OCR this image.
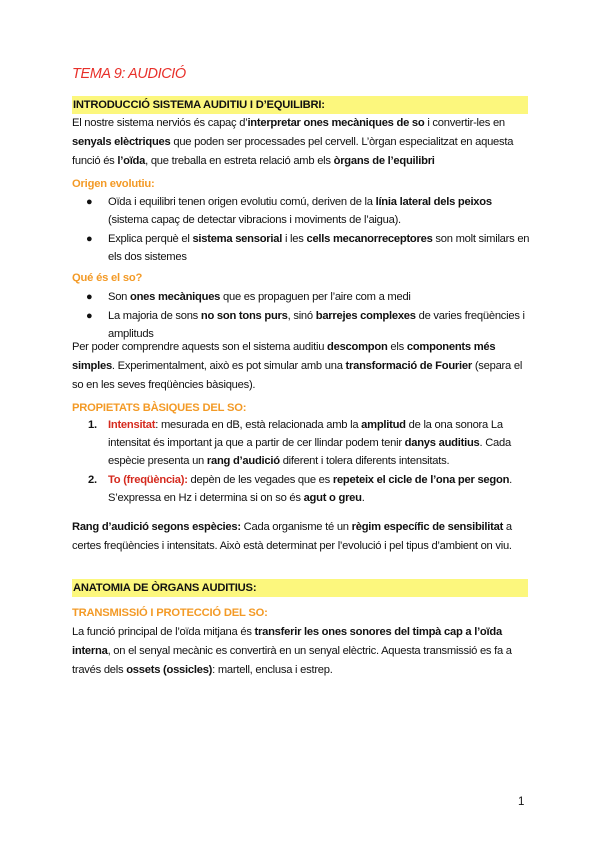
TEMA 9: AUDICIÓ
INTRODUCCIÓ SISTEMA AUDITIU I D’EQUILIBRI:
El nostre sistema nerviós és capaç d’interpretar ones mecàniques de so i convertir-les en senyals elèctriques que poden ser processades pel cervell. L’òrgan especialitzat en aquesta funció és l’oïda, que treballa en estreta relació amb els òrgans de l’equilibri
Origen evolutiu:
● Oïda i equilibri tenen origen evolutiu comú, deriven de la línia lateral dels peixos (sistema capaç de detectar vibracions i moviments de l’aigua).
● Explica perquè el sistema sensorial i les cells mecanorreceptores son molt similars en els dos sistemes
Qué és el so?
● Son ones mecàniques que es propaguen per l’aire com a medi
● La majoria de sons no son tons purs, sinó barrejes complexes de varies freqüències i amplituds
Per poder comprendre aquests son el sistema auditiu descompon els components més simples. Experimentalment, això es pot simular amb una transformació de Fourier (separa el so en les seves freqüències bàsiques).
PROPIETATS BÀSIQUES DEL SO:
1. Intensitat: mesurada en dB, està relacionada amb la amplitud de la ona sonora La intensitat és important ja que a partir de cer llindar podem tenir danys auditius. Cada espècie presenta un rang d’audició diferent i tolera diferents intensitats.
2. To (freqüència): depèn de les vegades que es repeteix el cicle de l’ona per segon. S’expressa en Hz i determina si on so és agut o greu.
Rang d’audició segons espècies: Cada organisme té un règim específic de sensibilitat a certes freqüències i intensitats. Això està determinat per l’evolució i pel tipus d’ambient on viu.
ANATOMIA DE ÒRGANS AUDITIUS:
TRANSMISSIÓ I PROTECCIÓ DEL SO:
La funció principal de l’oïda mitjana és transferir les ones sonores del timpà cap a l’oïda interna, on el senyal mecànic es convertirà en un senyal elèctric. Aquesta transmissió es fa a través dels ossets (ossicles): martell, enclusa i estrep.
1
